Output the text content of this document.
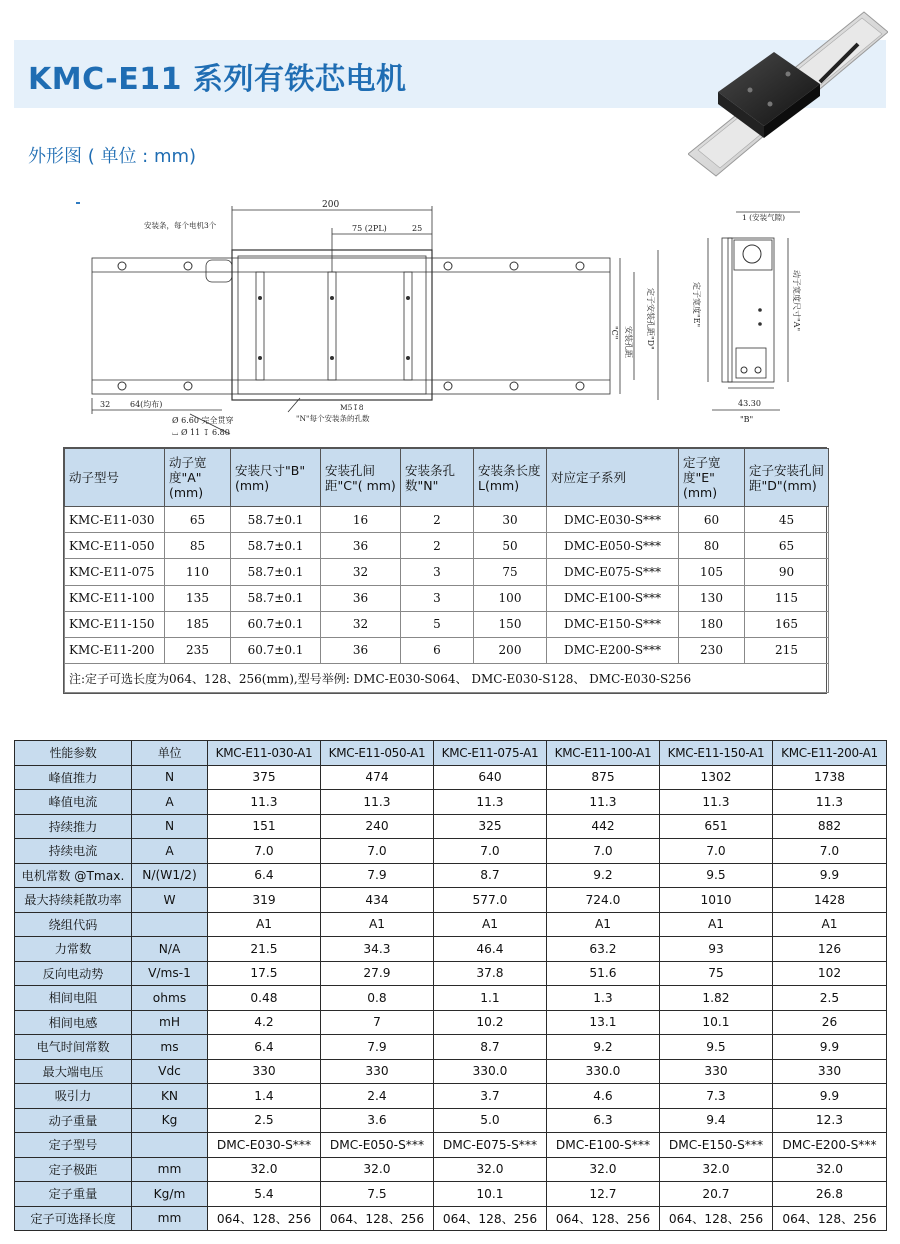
KMC-E11 系列有铁芯电机
外形图 ( 单位 : mm)
200
75 (2PL)	25
安装条，每个电机3个
32 64(均布)
Ø 6.60 完全贯穿
⌴ Ø 11 ↧ 6.80
M5↧8
"N"每个安装条的孔数
"C" 安装孔距 定子安装孔距"D"
1 (安装气隙)
定子宽度"E"	动子宽度尺寸"A"
43.30
"B"
动子型号	动子宽度"A"(mm)	安装尺寸"B"(mm)	安装孔间距"C"( mm)	安装条孔数"N"	安装条长度L(mm)	对应定子系列	定子宽度"E"(mm)	定子安装孔间距"D"(mm)
KMC-E11-030	65	58.7±0.1	16	2	30	DMC-E030-S***	60	45
KMC-E11-050	85	58.7±0.1	36	2	50	DMC-E050-S***	80	65
KMC-E11-075	110	58.7±0.1	32	3	75	DMC-E075-S***	105	90
KMC-E11-100	135	58.7±0.1	36	3	100	DMC-E100-S***	130	115
KMC-E11-150	185	60.7±0.1	32	5	150	DMC-E150-S***	180	165
KMC-E11-200	235	60.7±0.1	36	6	200	DMC-E200-S***	230	215
注:定子可选长度为064、128、256(mm),型号举例: DMC-E030-S064、 DMC-E030-S128、 DMC-E030-S256								
性能参数	单位	KMC-E11-030-A1	KMC-E11-050-A1	KMC-E11-075-A1	KMC-E11-100-A1	KMC-E11-150-A1	KMC-E11-200-A1
峰值推力	N	375	474	640	875	1302	1738
峰值电流	A	11.3	11.3	11.3	11.3	11.3	11.3
持续推力	N	151	240	325	442	651	882
持续电流	A	7.0	7.0	7.0	7.0	7.0	7.0
电机常数 @Tmax.	N/(W1/2)	6.4	7.9	8.7	9.2	9.5	9.9
最大持续耗散功率	W	319	434	577.0	724.0	1010	1428
绕组代码		A1	A1	A1	A1	A1	A1
力常数	N/A	21.5	34.3	46.4	63.2	93	126
反向电动势	V/ms-1	17.5	27.9	37.8	51.6	75	102
相间电阻	ohms	0.48	0.8	1.1	1.3	1.82	2.5
相间电感	mH	4.2	7	10.2	13.1	10.1	26
电气时间常数	ms	6.4	7.9	8.7	9.2	9.5	9.9
最大端电压	Vdc	330	330	330.0	330.0	330	330
吸引力	KN	1.4	2.4	3.7	4.6	7.3	9.9
动子重量	Kg	2.5	3.6	5.0	6.3	9.4	12.3
定子型号		DMC-E030-S***	DMC-E050-S***	DMC-E075-S***	DMC-E100-S***	DMC-E150-S***	DMC-E200-S***
定子极距	mm	32.0	32.0	32.0	32.0	32.0	32.0
定子重量	Kg/m	5.4	7.5	10.1	12.7	20.7	26.8
定子可选择长度	mm	064、128、256	064、128、256	064、128、256	064、128、256	064、128、256	064、128、256
